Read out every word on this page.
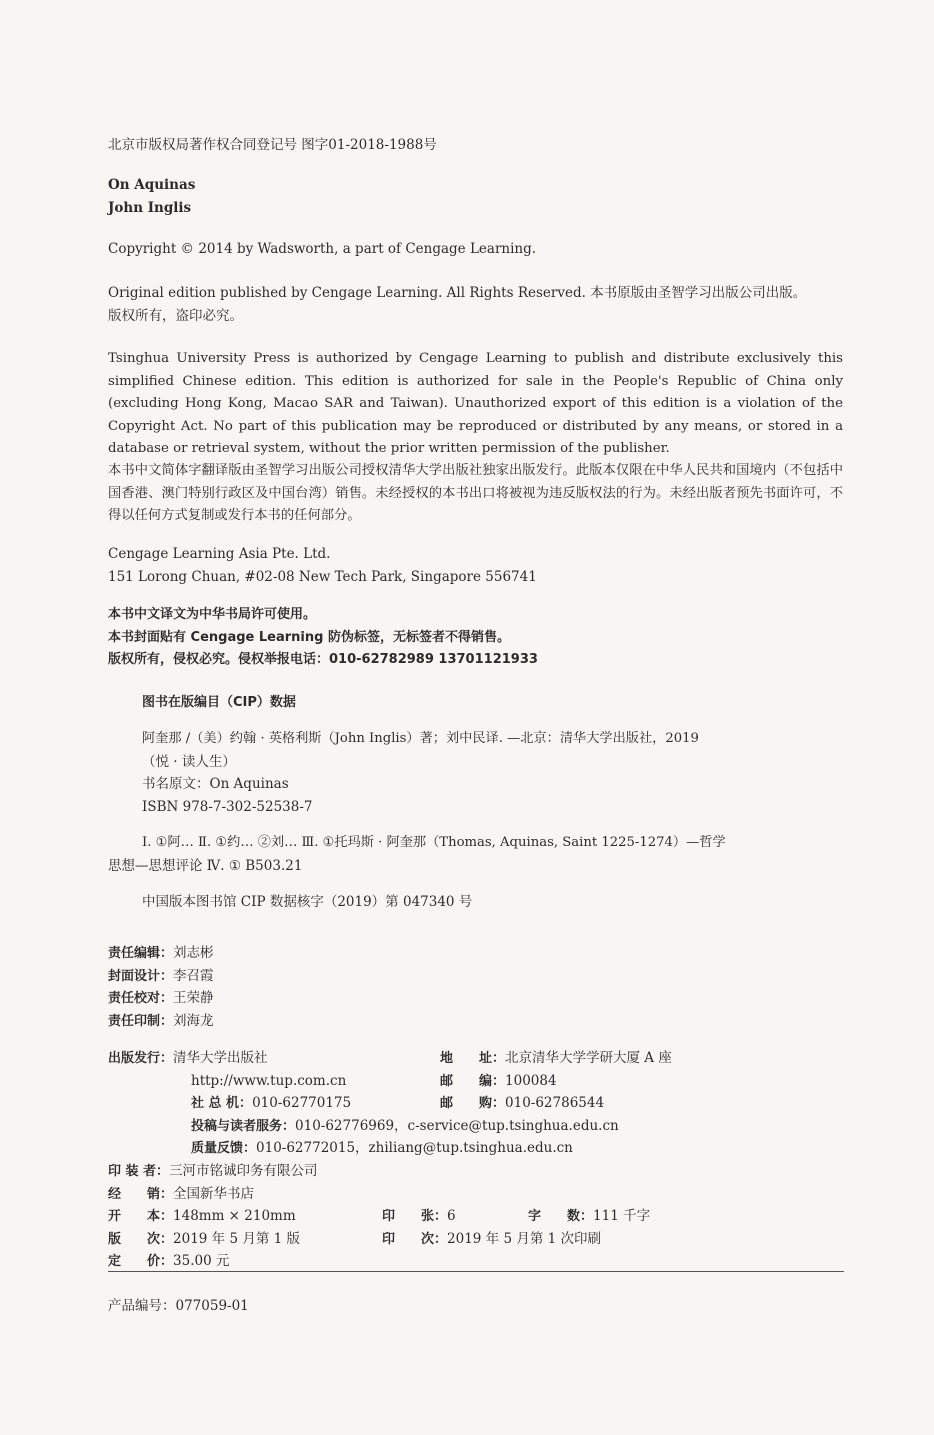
北京市版权局著作权合同登记号 图字01-2018-1988号

On Aquinas

John Inglis

Copyright © 2014 by Wadsworth, a part of Cengage Learning.

Original edition published by Cengage Learning. All Rights Reserved. 本书原版由圣智学习出版公司出版。

版权所有，盗印必究。

Tsinghua University Press is authorized by Cengage Learning to publish and distribute exclusively this simplified Chinese edition. This edition is authorized for sale in the People's Republic of China only (excluding Hong Kong, Macao SAR and Taiwan). Unauthorized export of this edition is a violation of the Copyright Act. No part of this publication may be reproduced or distributed by any means, or stored in a database or retrieval system, without the prior written permission of the publisher.

本书中文简体字翻译版由圣智学习出版公司授权清华大学出版社独家出版发行。此版本仅限在中华人民共和国境内（不包括中国香港、澳门特别行政区及中国台湾）销售。未经授权的本书出口将被视为违反版权法的行为。未经出版者预先书面许可，不得以任何方式复制或发行本书的任何部分。

Cengage Learning Asia Pte. Ltd.

151 Lorong Chuan, #02-08 New Tech Park, Singapore 556741

本书中文译文为中华书局许可使用。

本书封面贴有 Cengage Learning 防伪标签，无标签者不得销售。

版权所有，侵权必究。侵权举报电话：010-62782989 13701121933

图书在版编目（CIP）数据

阿奎那 /（美）约翰 · 英格利斯（John Inglis）著；刘中民译. —北京：清华大学出版社，2019

（悦 · 读人生）

书名原文：On Aquinas

ISBN 978-7-302-52538-7

Ⅰ. ①阿… Ⅱ. ①约… ②刘… Ⅲ. ①托玛斯 · 阿奎那（Thomas, Aquinas, Saint 1225-1274）—哲学

思想—思想评论 Ⅳ. ① B503.21

中国版本图书馆 CIP 数据核字（2019）第 047340 号

责任编辑：刘志彬
封面设计：李召霞
责任校对：王荣静
责任印制：刘海龙
出版发行：清华大学出版社	地　　址：北京清华大学学研大厦 A 座
http://www.tup.com.cn	邮　　编：100084
社 总 机：010-62770175	邮　　购：010-62786544
投稿与读者服务：010-62776969，c-service@tup.tsinghua.edu.cn
质量反馈：010-62772015，zhiliang@tup.tsinghua.edu.cn
印 装 者：三河市铭诚印务有限公司
经　　销：全国新华书店
开　　本：148mm × 210mm	印　　张：6	字　　数：111 千字
版　　次：2019 年 5 月第 1 版	印　　次：2019 年 5 月第 1 次印刷
定　　价：35.00 元

产品编号：077059-01
